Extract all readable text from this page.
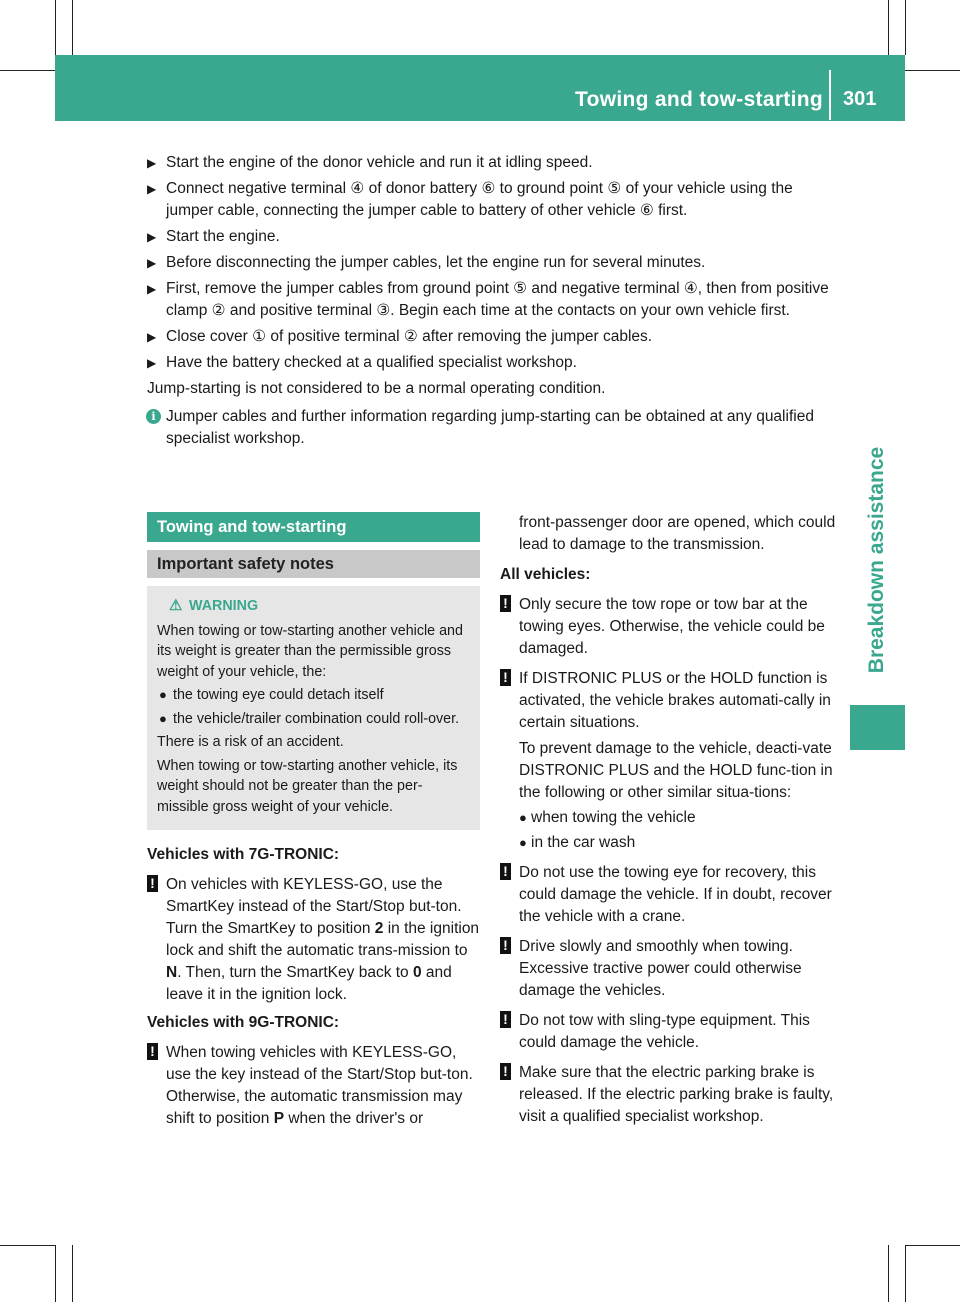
Towing and tow-starting 301
Breakdown assistance
▶ Start the engine of the donor vehicle and run it at idling speed.
▶ Connect negative terminal ④ of donor battery ⑥ to ground point ⑤ of your vehicle using the jumper cable, connecting the jumper cable to battery of other vehicle ⑥ first.
▶ Start the engine.
▶ Before disconnecting the jumper cables, let the engine run for several minutes.
▶ First, remove the jumper cables from ground point ⑤ and negative terminal ④, then from positive clamp ② and positive terminal ③. Begin each time at the contacts on your own vehicle first.
▶ Close cover ① of positive terminal ② after removing the jumper cables.
▶ Have the battery checked at a qualified specialist workshop.
Jump-starting is not considered to be a normal operating condition.
i Jumper cables and further information regarding jump-starting can be obtained at any qualified specialist workshop.
Towing and tow-starting
Important safety notes
⚠ WARNING
When towing or tow-starting another vehicle and its weight is greater than the permissible gross weight of your vehicle, the:
● the towing eye could detach itself
● the vehicle/trailer combination could roll-over.
There is a risk of an accident.
When towing or tow-starting another vehicle, its weight should not be greater than the per-missible gross weight of your vehicle.
Vehicles with 7G-TRONIC:
! On vehicles with KEYLESS-GO, use the SmartKey instead of the Start/Stop but-ton. Turn the SmartKey to position 2 in the ignition lock and shift the automatic trans-mission to N. Then, turn the SmartKey back to 0 and leave it in the ignition lock.

Vehicles with 9G-TRONIC:
! When towing vehicles with KEYLESS-GO, use the key instead of the Start/Stop but-ton. Otherwise, the automatic transmission may shift to position P when the driver's or

front-passenger door are opened, which could lead to damage to the transmission.
All vehicles:
! Only secure the tow rope or tow bar at the towing eyes. Otherwise, the vehicle could be damaged.

! If DISTRONIC PLUS or the HOLD function is activated, the vehicle brakes automati-cally in certain situations.

To prevent damage to the vehicle, deacti-vate DISTRONIC PLUS and the HOLD func-tion in the following or other similar situa-tions:
● when towing the vehicle
● in the car wash
! Do not use the towing eye for recovery, this could damage the vehicle. If in doubt, recover the vehicle with a crane.

! Drive slowly and smoothly when towing. Excessive tractive power could otherwise damage the vehicles.

! Do not tow with sling-type equipment. This could damage the vehicle.

! Make sure that the electric parking brake is released. If the electric parking brake is faulty, visit a qualified specialist workshop.
